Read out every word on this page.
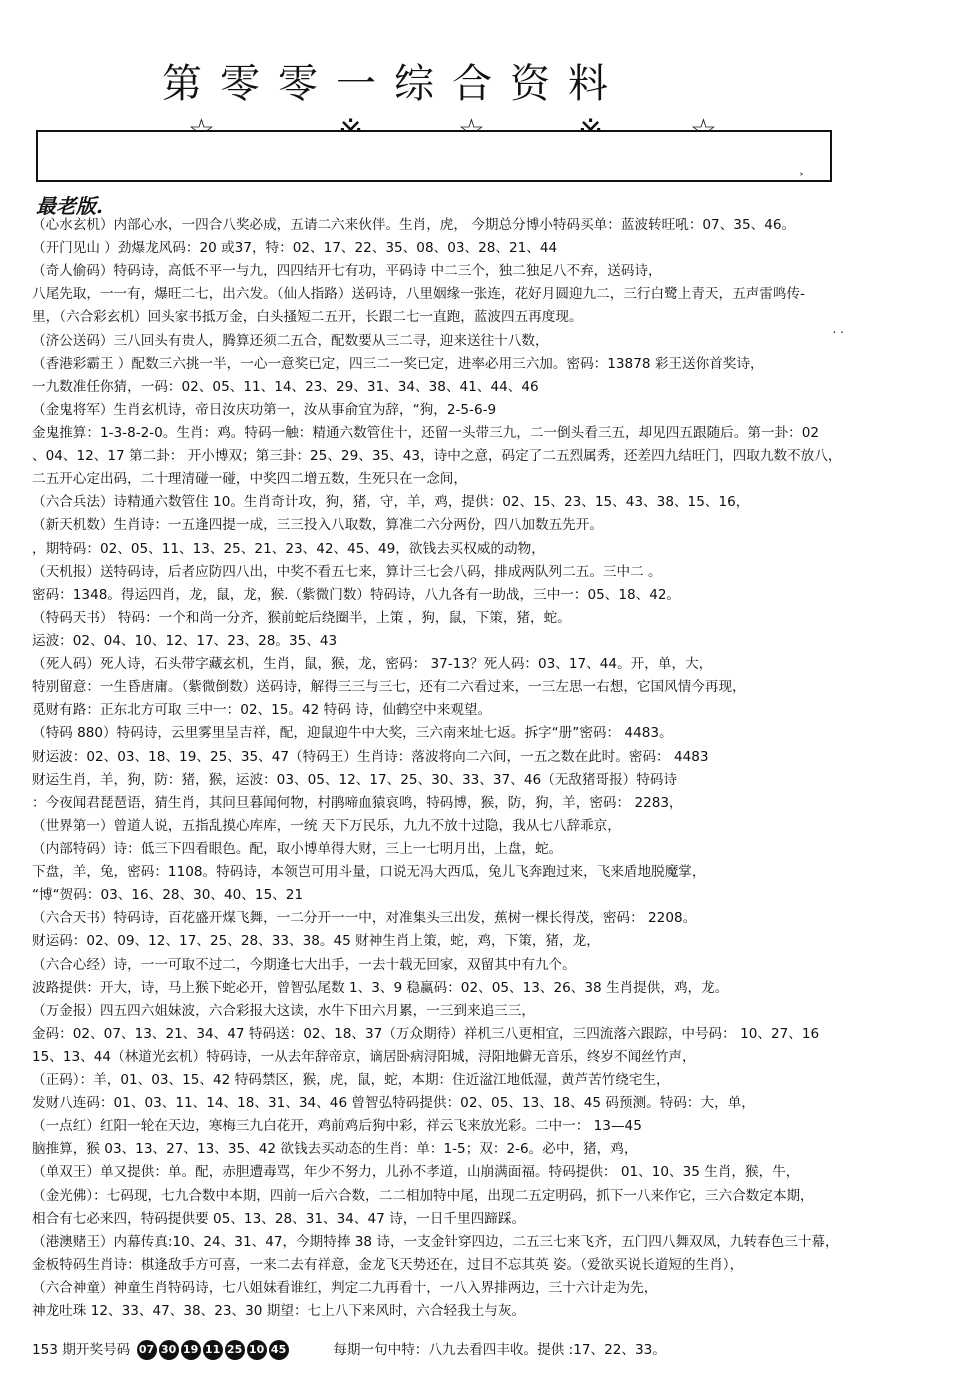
第零零一综合资料
˃
最老版.
. .
（心水玄机）内部心水，一四合八奖必成，五请二六来伙伴。生肖，虎， 今期总分博小特码买单：蓝波转旺吼：07、35、46。
（开门见山 ）劲爆龙风码：20 或37，特：02、17、22、35、08、03、28、21、44
（奇人偷码）特码诗，高低不平一与九，四四结开七有功，平码诗 中二三个，独二独足八不弃，送码诗，
八尾先取，一一有，爆旺二七，出六发。（仙人指路）送码诗，八里姻缘一张连，花好月圆迎九二，三行白鹭上青天，五声雷鸣传-
里，（六合彩玄机）回头家书抵万金，白头搔短二五开，长跟二七一直跑，蓝波四五再度现。
（济公送码）三八回头有贵人，腾算还须二五合，配数要从三二寻，迎来送往十八数，
（香港彩霸王 ）配数三六挑一半，一心一意奖已定，四三二一奖已定，进率必用三六加。密码：13878 彩王送你首奖诗，
一九数准任你猜，一码：02、05、11、14、23、29、31、34、38、41、44、46
（金鬼将军）生肖玄机诗，帝日汝庆功第一，汝从事俞宜为辞，“狗，2-5-6-9
金鬼推算：1-3-8-2-0。生肖：鸡。特码一触：精通六数管住十，还留一头带三九，二一倒头看三五，却见四五跟随后。第一卦：02
、04、12、17 第二卦： 开小博双；第三卦：25、29、35、43，诗中之意，码定了二五烈属秀，还差四九结旺门，四取九数不放八，
二五开心定出码，二十理清碰一碰，中奖四二增五数，生死只在一念间，
（六合兵法）诗精通六数管住 10。生肖奇计攻，狗，猪，守，羊，鸡，提供：02、15、23、15、43、38、15、16，
（新天机数）生肖诗：一五逢四提一成，三三投入八取数，算准二六分两份，四八加数五先开。
，期特码：02、05、11、13、25、21、23、42、45、49，欲钱去买权威的动物，
（天机报）送特码诗，后者应防四八出，中奖不看五七来，算计三七会八码，排成两队列二五。三中二 。
密码：1348。得运四肖，龙，鼠，龙，猴.（紫微门数）特码诗，八九各有一助战，三中一：05、18、42。
（特码天书） 特码：一个和尚一分齐，猴前蛇后绕圈半，上策 ，狗，鼠，下策，猪，蛇。
运波：02、04、10、12、17、23、28。35、43
（死人码）死人诗，石头带字藏玄机，生肖，鼠，猴，龙，密码： 37-13？死人码：03、17、44。开，单，大，
特别留意：一生昏唐庸。（紫微倒数）送码诗，解得三三与三七，还有二六看过来，一三左思一右想，它国风情今再现，
觅财有路：正东北方可取 三中一：02、15。42 特码 诗，仙鹤空中来观望。
（特码 880）特码诗，云里雾里呈吉祥，配，迎鼠迎牛中大奖，三六南来址七返。拆字“册”密码： 4483。
财运波：02、03、18、19、25、35、47（特码王）生肖诗：落波将向二六间，一五之数在此时。密码： 4483
财运生肖，羊，狗，防：猪，猴，运波：03、05、12、17、25、30、33、37、46（无敌猪哥报）特码诗
：今夜闻君琵琶语，猜生肖，其问旦暮闻何物，村鹃啼血猿哀鸣，特码博，猴，防，狗，羊，密码： 2283，
（世界第一）曾道人说，五指乱摸心库库，一统 天下万民乐，九九不放十过隐，我从七八辞乖京，
（内部特码）诗：低三下四看眼色。配，取小博单得大财，三上一七明月出，上盘，蛇。
下盘，羊，兔，密码：1108。特码诗，本领岂可用斗量，口说无冯大西瓜，兔儿飞奔跑过来，飞来盾地脱魔掌，
“博“贺码：03、16、28、30、40、15、21
（六合天书）特码诗，百花盛开煤飞舞，一二分开一一中，对准集头三出发，蕉树一棵长得茂，密码： 2208。
财运码：02、09、12、17、25、28、33、38。45 财神生肖上策，蛇，鸡，下策，猪，龙，
（六合心经）诗，一一可取不过二，今期逢七大出手，一去十载无回家，双留其中有九个。
波路提供：开大，诗，马上猴下蛇必开，曾智弘尾数 1、3、9 稳赢码：02、05、13、26、38 生肖提供，鸡，龙。
（万金报）四五四六姐妹波，六合彩报大这读，水牛下田六月累，一三到来追三三，
金码：02、07、13、21、34、47 特码送：02、18、37（万众期待）祥机三八更相宜，三四流落六跟踪，中号码： 10、27、16
15、13、44（林道光玄机）特码诗，一从去年辞帝京，谪居卧病浔阳城，浔阳地僻无音乐，终岁不闻丝竹声，
（正码）：羊，01、03、15、42 特码禁区，猴，虎，鼠，蛇，本期：住近湓江地低湿，黄芦苦竹绕宅生，
发财八连码：01、03、11、14、18、31、34、46 曾智弘特码提供：02、05、13、18、45 码预测。特码：大，单，
（一点红）红阳一轮在天边，寒梅三九白花开，鸡前鸡后狗中彩，祥云飞来放光彩。二中一： 13—45
脑推算，猴 03、13、27、13、35、42 欲钱去买动态的生肖：单：1-5；双：2-6。必中，猪，鸡，
（单双王）单又提供：单。配，赤胆遭毒骂，年少不努力，儿孙不孝道，山崩满面福。特码提供： 01、10、35 生肖，猴，牛，
（金光佛）：七码现，七九合数中本期，四前一后六合数，二二相加特中尾，出现二五定明码，抓下一八来作它，三六合数定本期，
相合有七必来四，特码提供要 05、13、28、31、34、47 诗，一日千里四蹄踩。
（港澳赌王）内幕传真:10、24、31、47，今期特捧 38 诗，一支金针穿四边，二五三七来飞齐，五门四八舞双凤，九转春色三十幕，
金板特码生肖诗：棋逢敌手方可喜，一来二去有祥意，金龙飞天势还在，过目不忘其英 姿。（爱欲买说长道短的生肖），
（六合神童）神童生肖特码诗，七八姐妹看谁红，判定二九再看十，一八入界排两边，三十六计走为先，
神龙吐珠 12、33、47、38、23、30 期望：七上八下来风时，六合轻我土与灰。
153 期开奖号码 07 30 19 11 25 10 45	每期一句中特：八九去看四丰收。提供 :17、22、33。
